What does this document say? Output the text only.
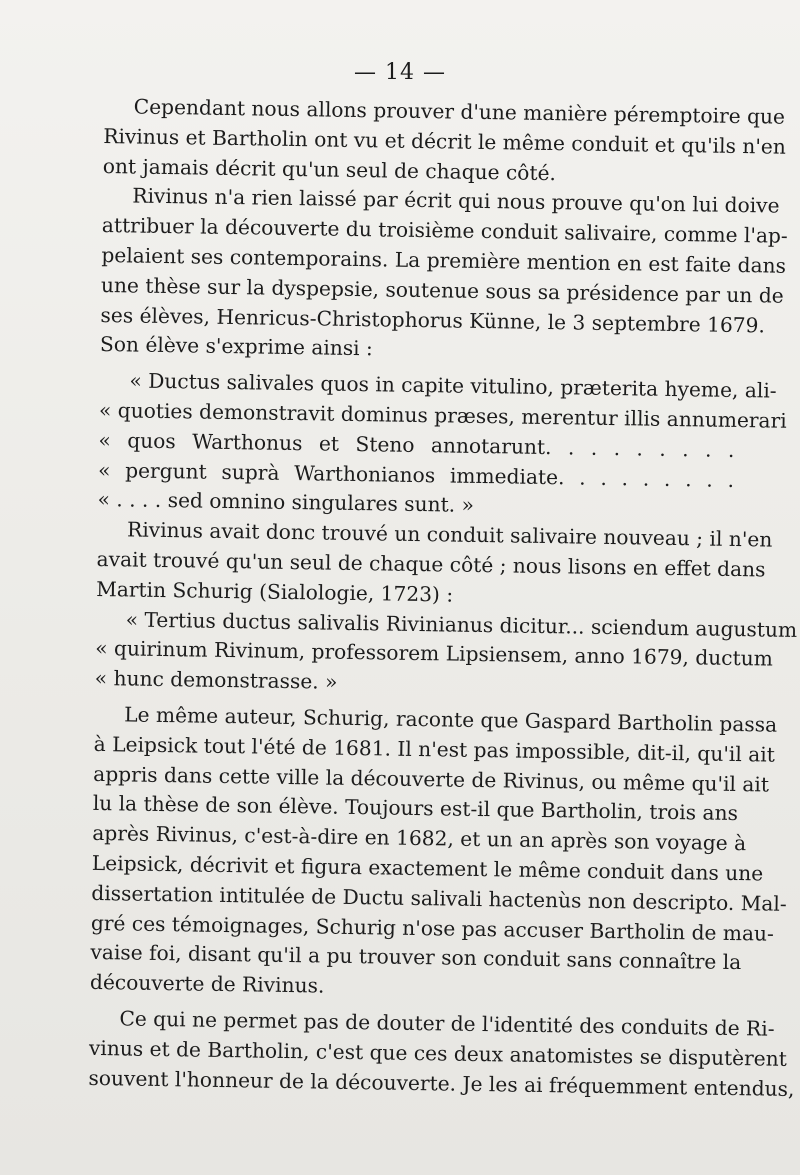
— 14 —

Cependant nous allons prouver d'une manière péremptoire que
Rivinus et Bartholin ont vu et décrit le même conduit et qu'ils n'en
ont jamais décrit qu'un seul de chaque côté.

Rivinus n'a rien laissé par écrit qui nous prouve qu'on lui doive
attribuer la découverte du troisième conduit salivaire, comme l'ap-
pelaient ses contemporains. La première mention en est faite dans
une thèse sur la dyspepsie, soutenue sous sa présidence par un de
ses élèves, Henricus-Christophorus Künne, le 3 septembre 1679.
Son élève s'exprime ainsi :

« Ductus salivales quos in capite vitulino, præterita hyeme, ali-
« quoties demonstravit dominus præses, merentur illis annumerari
« quos Warthonus et Steno annotarunt. . . . . . . . .
« pergunt suprà Warthonianos immediate. . . . . . . . .
« . . . . sed omnino singulares sunt. »

Rivinus avait donc trouvé un conduit salivaire nouveau ; il n'en
avait trouvé qu'un seul de chaque côté ; nous lisons en effet dans
Martin Schurig (Sialologie, 1723) :

« Tertius ductus salivalis Rivinianus dicitur... sciendum augustum
« quirinum Rivinum, professorem Lipsiensem, anno 1679, ductum
« hunc demonstrasse. »

Le même auteur, Schurig, raconte que Gaspard Bartholin passa
à Leipsick tout l'été de 1681. Il n'est pas impossible, dit-il, qu'il ait
appris dans cette ville la découverte de Rivinus, ou même qu'il ait
lu la thèse de son élève. Toujours est-il que Bartholin, trois ans
après Rivinus, c'est-à-dire en 1682, et un an après son voyage à
Leipsick, décrivit et figura exactement le même conduit dans une
dissertation intitulée de Ductu salivali hactenùs non descripto. Mal-
gré ces témoignages, Schurig n'ose pas accuser Bartholin de mau-
vaise foi, disant qu'il a pu trouver son conduit sans connaître la
découverte de Rivinus.

Ce qui ne permet pas de douter de l'identité des conduits de Ri-
vinus et de Bartholin, c'est que ces deux anatomistes se disputèrent
souvent l'honneur de la découverte. Je les ai fréquemment entendus,
